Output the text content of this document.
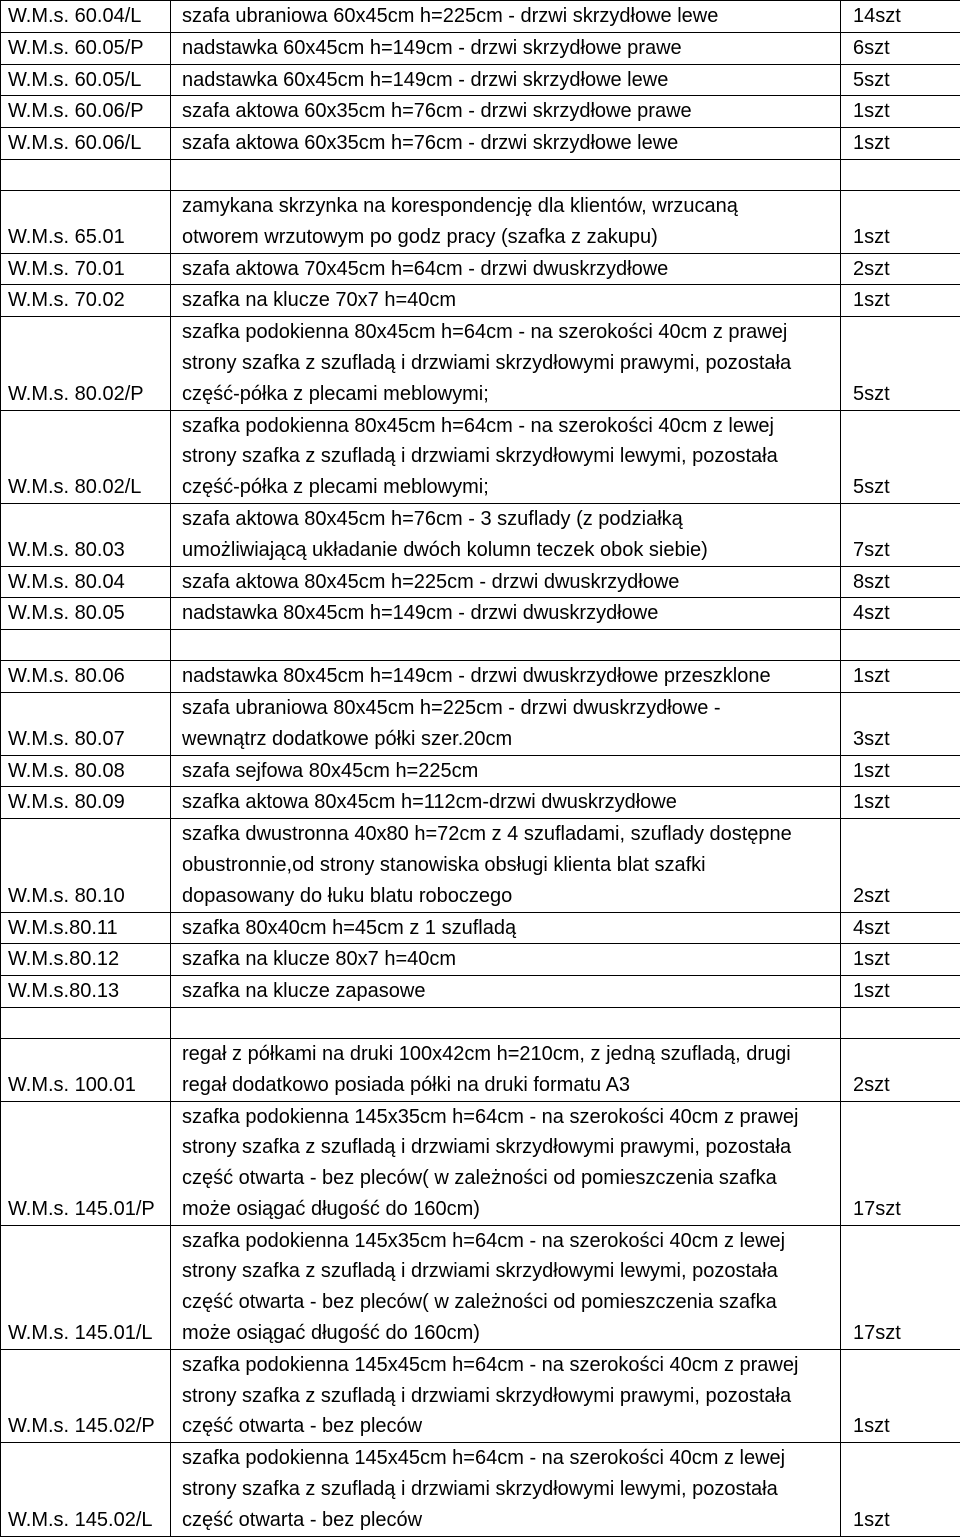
W.M.s. 60.04/L	szafa ubraniowa 60x45cm h=225cm - drzwi skrzydłowe lewe	14szt
W.M.s. 60.05/P	nadstawka 60x45cm h=149cm - drzwi skrzydłowe prawe	6szt
W.M.s. 60.05/L	nadstawka 60x45cm h=149cm - drzwi skrzydłowe lewe	5szt
W.M.s. 60.06/P	szafa aktowa 60x35cm h=76cm - drzwi skrzydłowe prawe	1szt
W.M.s. 60.06/L	szafa aktowa 60x35cm h=76cm - drzwi skrzydłowe lewe	1szt

W.M.s. 65.01	zamykana skrzynka na korespondencję dla klientów, wrzucaną
otworem wrzutowym po godz pracy (szafka z zakupu)	1szt
W.M.s. 70.01	szafa aktowa 70x45cm h=64cm - drzwi dwuskrzydłowe	2szt
W.M.s. 70.02	szafka na klucze 70x7 h=40cm	1szt
W.M.s. 80.02/P	szafka podokienna 80x45cm h=64cm - na szerokości 40cm z prawej
strony szafka z szufladą i drzwiami skrzydłowymi prawymi, pozostała
część-półka z plecami meblowymi;	5szt
W.M.s. 80.02/L	szafka podokienna 80x45cm h=64cm - na szerokości 40cm z lewej
strony szafka z szufladą i drzwiami skrzydłowymi lewymi, pozostała
część-półka z plecami meblowymi;	5szt
W.M.s. 80.03	szafa aktowa 80x45cm h=76cm - 3 szuflady (z podziałką
umożliwiającą układanie dwóch kolumn teczek obok siebie)	7szt
W.M.s. 80.04	szafa aktowa 80x45cm h=225cm - drzwi dwuskrzydłowe	8szt
W.M.s. 80.05	nadstawka 80x45cm h=149cm - drzwi dwuskrzydłowe	4szt

W.M.s. 80.06	nadstawka 80x45cm h=149cm - drzwi dwuskrzydłowe przeszklone	1szt
W.M.s. 80.07	szafa ubraniowa 80x45cm h=225cm - drzwi dwuskrzydłowe -
wewnątrz dodatkowe półki szer.20cm	3szt
W.M.s. 80.08	szafa sejfowa 80x45cm h=225cm	1szt
W.M.s. 80.09	szafka aktowa 80x45cm h=112cm-drzwi dwuskrzydłowe	1szt
W.M.s. 80.10	szafka dwustronna 40x80 h=72cm z 4 szufladami, szuflady dostępne
obustronnie,od strony stanowiska obsługi klienta blat szafki
dopasowany do łuku blatu roboczego	2szt
W.M.s.80.11	szafka 80x40cm h=45cm z 1 szufladą	4szt
W.M.s.80.12	szafka na klucze 80x7 h=40cm	1szt
W.M.s.80.13	szafka na klucze zapasowe	1szt

W.M.s. 100.01	regał z półkami na druki 100x42cm h=210cm, z jedną szufladą, drugi
regał dodatkowo posiada półki na druki formatu A3	2szt
W.M.s. 145.01/P	szafka podokienna 145x35cm h=64cm - na szerokości 40cm z prawej
strony szafka z szufladą i drzwiami skrzydłowymi prawymi, pozostała
część otwarta - bez pleców( w zależności od pomieszczenia szafka
może osiągać długość do 160cm)	17szt
W.M.s. 145.01/L	szafka podokienna 145x35cm h=64cm - na szerokości 40cm z lewej
strony szafka z szufladą i drzwiami skrzydłowymi lewymi, pozostała
część otwarta - bez pleców( w zależności od pomieszczenia szafka
może osiągać długość do 160cm)	17szt
W.M.s. 145.02/P	szafka podokienna 145x45cm h=64cm - na szerokości 40cm z prawej
strony szafka z szufladą i drzwiami skrzydłowymi prawymi, pozostała
część otwarta - bez pleców	1szt
W.M.s. 145.02/L	szafka podokienna 145x45cm h=64cm - na szerokości 40cm z lewej
strony szafka z szufladą i drzwiami skrzydłowymi lewymi, pozostała
część otwarta - bez pleców	1szt
